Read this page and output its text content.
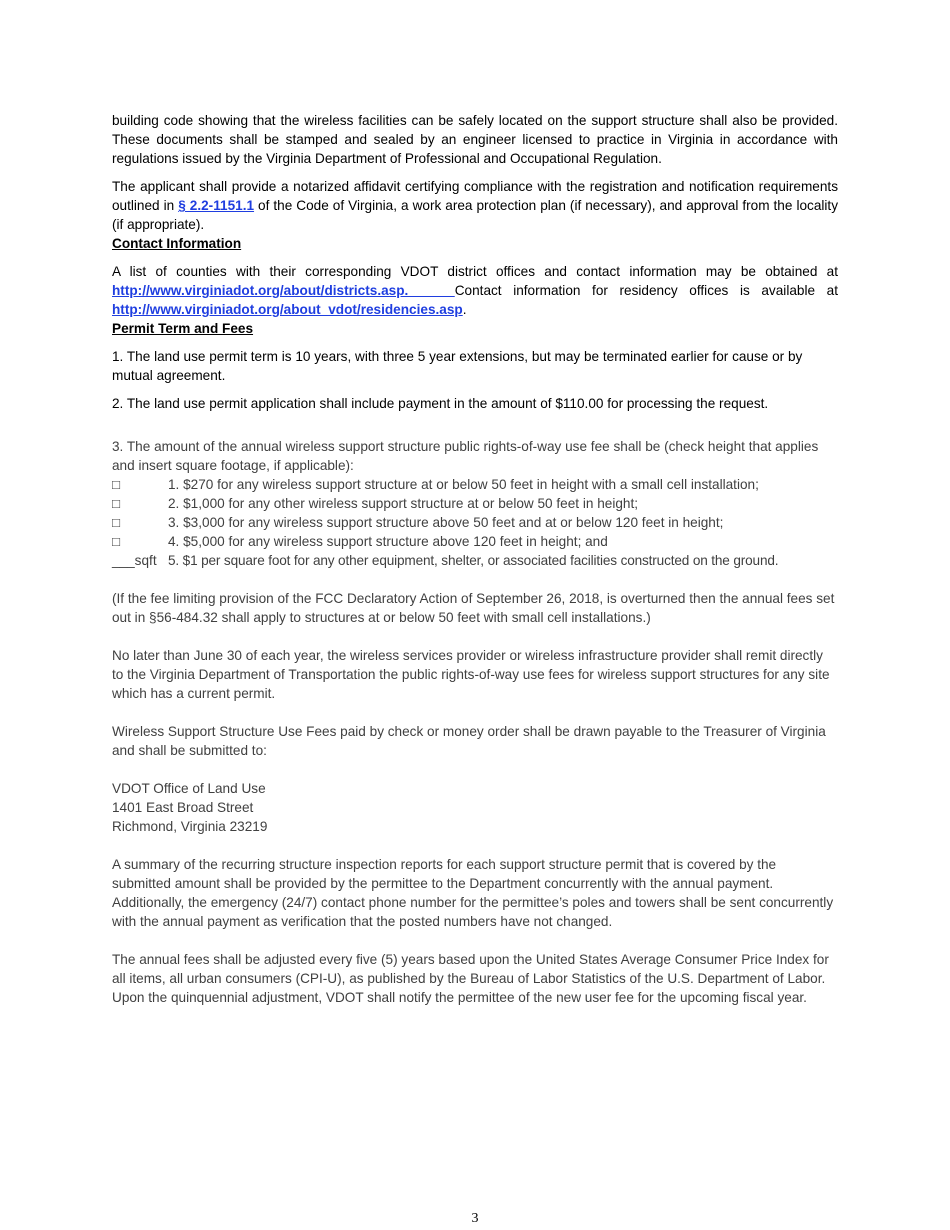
building code showing that the wireless facilities can be safely located on the support structure shall also be provided. These documents shall be stamped and sealed by an engineer licensed to practice in Virginia in accordance with regulations issued by the Virginia Department of Professional and Occupational Regulation.

The applicant shall provide a notarized affidavit certifying compliance with the registration and notification requirements outlined in § 2.2-1151.1 of the Code of Virginia, a work area protection plan (if necessary), and approval from the locality (if appropriate).

Contact Information

A list of counties with their corresponding VDOT district offices and contact information may be obtained at http://www.virginiadot.org/about/districts.asp.    Contact information for residency offices is available at http://www.virginiadot.org/about_vdot/residencies.asp.

Permit Term and Fees

1. The land use permit term is 10 years, with three 5 year extensions, but may be terminated earlier for cause or by mutual agreement.

2. The land use permit application shall include payment in the amount of $110.00 for processing the request.

3. The amount of the annual wireless support structure public rights-of-way use fee shall be (check height that applies and insert square footage, if applicable):

□	1. $270 for any wireless support structure at or below 50 feet in height with a small cell installation;
□	2. $1,000 for any other wireless support structure at or below 50 feet in height;
□	3. $3,000 for any wireless support structure above 50 feet and at or below 120 feet in height;
□	4. $5,000 for any wireless support structure above 120 feet in height; and
___sqft 5. $1 per square foot for any other equipment, shelter, or associated facilities constructed on the ground.

(If the fee limiting provision of the FCC Declaratory Action of September 26, 2018, is overturned then the annual fees set out in §56-484.32 shall apply to structures at or below 50 feet with small cell installations.)

No later than June 30 of each year, the wireless services provider or wireless infrastructure provider shall remit directly to the Virginia Department of Transportation the public rights-of-way use fees for wireless support structures for any site which has a current permit.

Wireless Support Structure Use Fees paid by check or money order shall be drawn payable to the Treasurer of Virginia and shall be submitted to:

VDOT Office of Land Use

1401 East Broad Street

Richmond, Virginia 23219

A summary of the recurring structure inspection reports for each support structure permit that is covered by the submitted amount shall be provided by the permittee to the Department concurrently with the annual payment. Additionally, the emergency (24/7) contact phone number for the permittee’s poles and towers shall be sent concurrently with the annual payment as verification that the posted numbers have not changed.

The annual fees shall be adjusted every five (5) years based upon the United States Average Consumer Price Index for all items, all urban consumers (CPI-U), as published by the Bureau of Labor Statistics of the U.S. Department of Labor. Upon the quinquennial adjustment, VDOT shall notify the permittee of the new user fee for the upcoming fiscal year.

3
